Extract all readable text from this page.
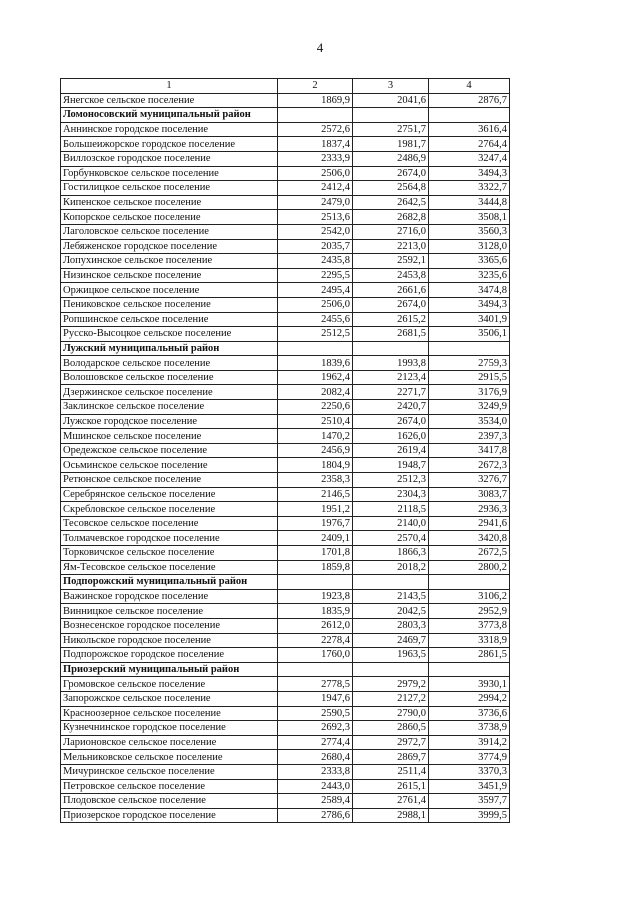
4
1	2	3	4
Янегское сельское поселение	1869,9	2041,6	2876,7
Ломоносовский муниципальный район			
Аннинское городское поселение	2572,6	2751,7	3616,4
Большеижорское городское поселение	1837,4	1981,7	2764,4
Виллозское городское поселение	2333,9	2486,9	3247,4
Горбунковское сельское поселение	2506,0	2674,0	3494,3
Гостилицкое сельское поселение	2412,4	2564,8	3322,7
Кипенское сельское поселение	2479,0	2642,5	3444,8
Копорское сельское поселение	2513,6	2682,8	3508,1
Лаголовское сельское поселение	2542,0	2716,0	3560,3
Лебяженское городское поселение	2035,7	2213,0	3128,0
Лопухинское сельское поселение	2435,8	2592,1	3365,6
Низинское сельское поселение	2295,5	2453,8	3235,6
Оржицкое сельское поселение	2495,4	2661,6	3474,8
Пениковское сельское поселение	2506,0	2674,0	3494,3
Ропшинское сельское поселение	2455,6	2615,2	3401,9
Русско-Высоцкое сельское поселение	2512,5	2681,5	3506,1
Лужский муниципальный район			
Володарское сельское поселение	1839,6	1993,8	2759,3
Волошовское сельское поселение	1962,4	2123,4	2915,5
Дзержинское сельское поселение	2082,4	2271,7	3176,9
Заклинское сельское поселение	2250,6	2420,7	3249,9
Лужское городское поселение	2510,4	2674,0	3534,0
Мшинское сельское поселение	1470,2	1626,0	2397,3
Оредежское сельское поселение	2456,9	2619,4	3417,8
Осьминское сельское поселение	1804,9	1948,7	2672,3
Ретюнское сельское поселение	2358,3	2512,3	3276,7
Серебрянское сельское поселение	2146,5	2304,3	3083,7
Скребловское сельское поселение	1951,2	2118,5	2936,3
Тесовское сельское поселение	1976,7	2140,0	2941,6
Толмачевское городское поселение	2409,1	2570,4	3420,8
Торковичское сельское поселение	1701,8	1866,3	2672,5
Ям-Тесовское сельское поселение	1859,8	2018,2	2800,2
Подпорожский муниципальный район			
Важинское городское поселение	1923,8	2143,5	3106,2
Винницкое сельское поселение	1835,9	2042,5	2952,9
Вознесенское городское поселение	2612,0	2803,3	3773,8
Никольское городское поселение	2278,4	2469,7	3318,9
Подпорожское городское поселение	1760,0	1963,5	2861,5
Приозерский муниципальный район			
Громовское сельское поселение	2778,5	2979,2	3930,1
Запорожское сельское поселение	1947,6	2127,2	2994,2
Красноозерное сельское поселение	2590,5	2790,0	3736,6
Кузнечнинское городское поселение	2692,3	2860,5	3738,9
Ларионовское сельское поселение	2774,4	2972,7	3914,2
Мельниковское сельское поселение	2680,4	2869,7	3774,9
Мичуринское сельское поселение	2333,8	2511,4	3370,3
Петровское сельское поселение	2443,0	2615,1	3451,9
Плодовское сельское поселение	2589,4	2761,4	3597,7
Приозерское городское поселение	2786,6	2988,1	3999,5
